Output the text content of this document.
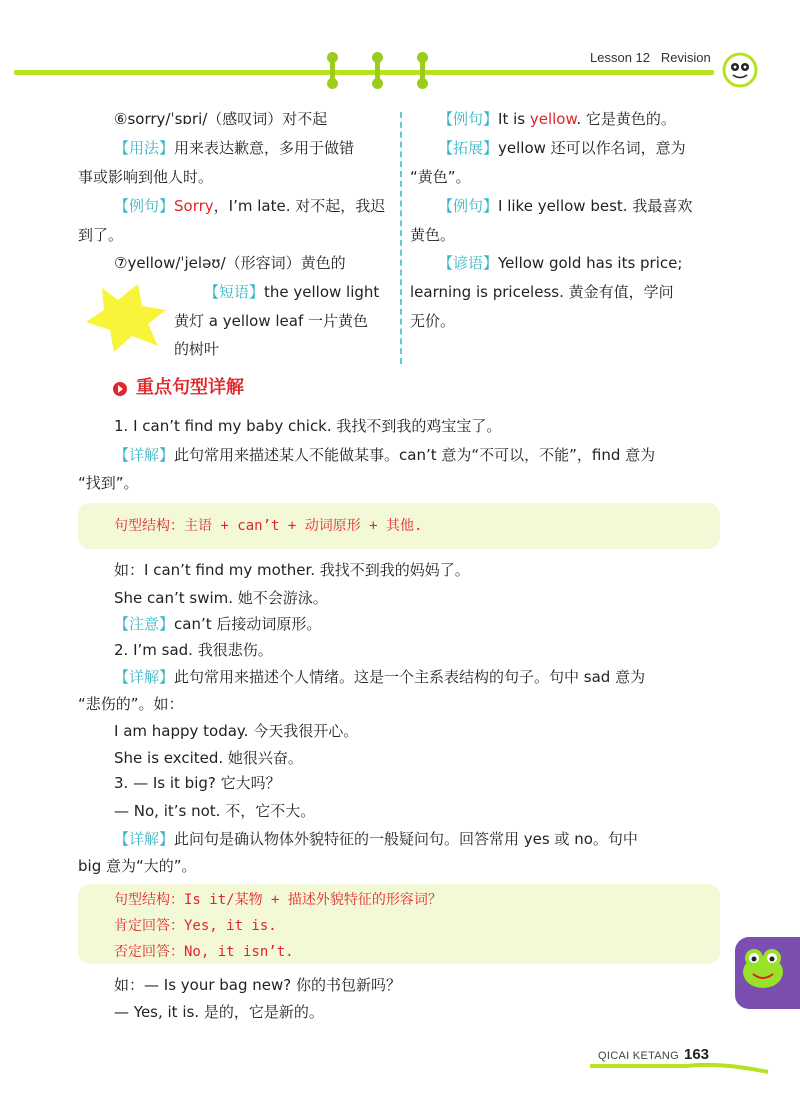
Lesson 12 Revision
⑥sorry/ˈsɒri/（感叹词）对不起
【用法】用来表达歉意，多用于做错
事或影响到他人时。
【例句】Sorry，I’m late. 对不起，我迟
到了。
⑦yellow/ˈjeləʊ/（形容词）黄色的
【短语】the yellow light
黄灯 a yellow leaf 一片黄色
的树叶
【例句】It is yellow. 它是黄色的。
【拓展】yellow 还可以作名词，意为
“黄色”。
【例句】I like yellow best. 我最喜欢
黄色。
【谚语】Yellow gold has its price;
learning is priceless. 黄金有值，学问
无价。
重点句型详解
1. I can’t find my baby chick. 我找不到我的鸡宝宝了。
【详解】此句常用来描述某人不能做某事。can’t 意为“不可以，不能”，find 意为
“找到”。
句型结构：主语 + can’t + 动词原形 + 其他.
如：I can’t find my mother. 我找不到我的妈妈了。
She can’t swim. 她不会游泳。
【注意】can’t 后接动词原形。
2. I’m sad. 我很悲伤。
【详解】此句常用来描述个人情绪。这是一个主系表结构的句子。句中 sad 意为
“悲伤的”。如：
I am happy today. 今天我很开心。
She is excited. 她很兴奋。
3. — Is it big? 它大吗？
— No, it’s not. 不，它不大。
【详解】此问句是确认物体外貌特征的一般疑问句。回答常用 yes 或 no。句中
big 意为“大的”。
句型结构：Is it/某物 + 描述外貌特征的形容词？
肯定回答：Yes, it is.
否定回答：No, it isn’t.
如：— Is your bag new? 你的书包新吗？
— Yes, it is. 是的，它是新的。
QICAI KETANG 163
